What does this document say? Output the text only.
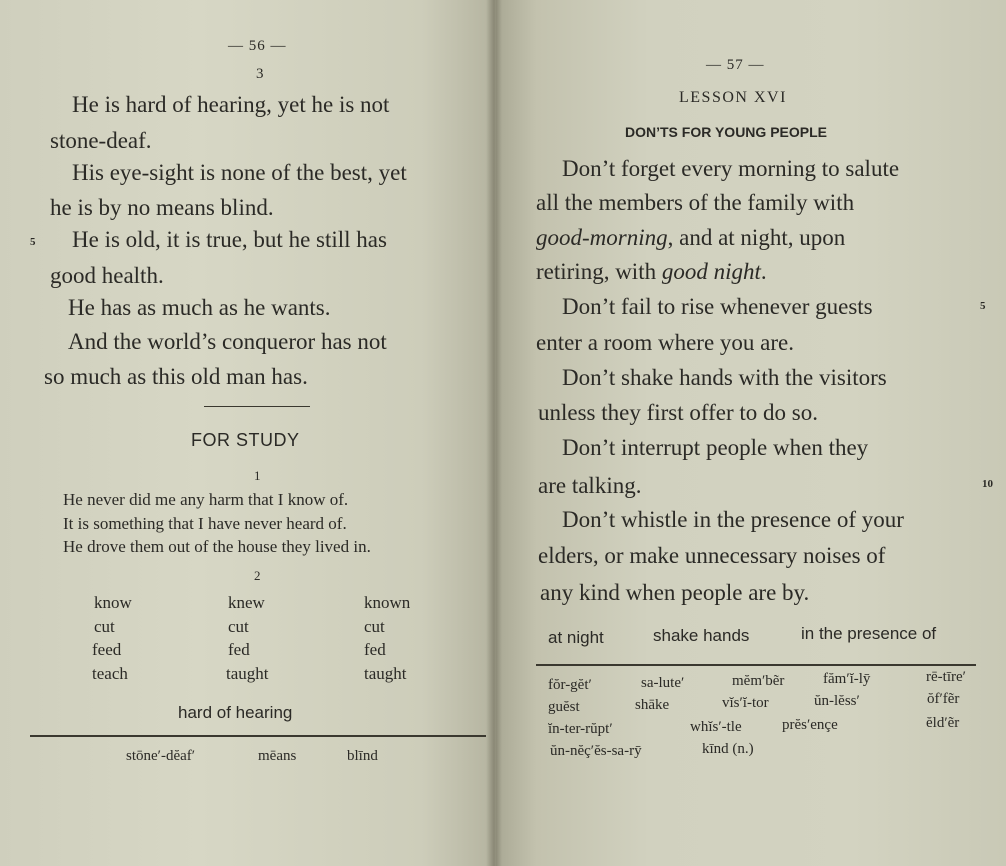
— 56 —
3
He is hard of hearing, yet he is not
stone-deaf.
His eye-sight is none of the best, yet
he is by no means blind.
He is old, it is true, but he still has
good health.
He has as much as he wants.
And the world’s conqueror has not
so much as this old man has.
5
FOR STUDY
1
He never did me any harm that I know of.
It is something that I have never heard of.
He drove them out of the house they lived in.
2
know	knew	known
cut	cut	cut
feed	fed	fed
teach	taught	taught
hard of hearing
stōne′-dĕaf′	mēans	blīnd
— 57 —
LESSON XVI
DON’TS FOR YOUNG PEOPLE
Don’t forget every morning to salute
all the members of the family with
good-morning, and at night, upon
retiring, with good night.
Don’t fail to rise whenever guests
enter a room where you are.
Don’t shake hands with the visitors
unless they first offer to do so.
Don’t interrupt people when they
are talking.
Don’t whistle in the presence of your
elders, or make unnecessary noises of
any kind when people are by.
5
10
at night	shake hands	in the presence of
fŏr-gĕt′	sa-lute′	mĕm′bẽr	făm′ĭ-lȳ	rē-tīre′
guĕst	shāke	vĭs′ĭ-tor	ŭn-lĕss′	ŏf′fẽr
ĭn-ter-rŭpt′	whĭs′-tle	prĕs′ençe	ĕld′ẽr
ŭn-nĕç′ĕs-sa-rȳ	kīnd (n.)
